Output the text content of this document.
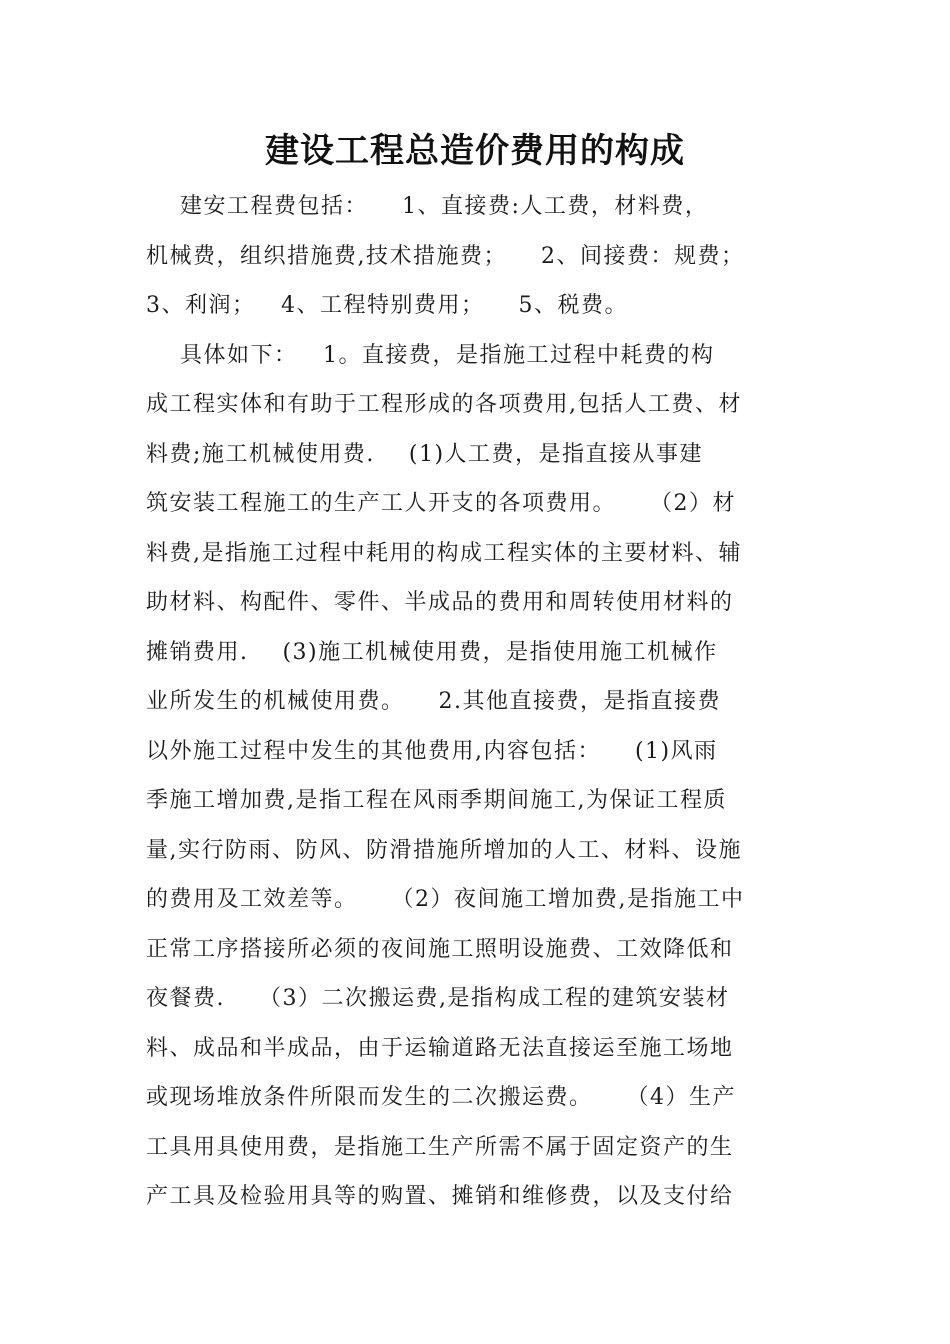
建设工程总造价费用的构成
建安工程费包括：    1、直接费:人工费，材料费，
机械费，组织措施费,技术措施费；    2、间接费：规费；
3、利润；   4、工程特别费用；    5、税费。
具体如下：   1。直接费，是指施工过程中耗费的构
成工程实体和有助于工程形成的各项费用,包括人工费、材
料费;施工机械使用费.    (1)人工费，是指直接从事建
筑安装工程施工的生产工人开支的各项费用。    （2）材
料费,是指施工过程中耗用的构成工程实体的主要材料、辅
助材料、构配件、零件、半成品的费用和周转使用材料的
摊销费用.    (3)施工机械使用费，是指使用施工机械作
业所发生的机械使用费。    2.其他直接费，是指直接费
以外施工过程中发生的其他费用,内容包括：    (1)风雨
季施工增加费,是指工程在风雨季期间施工,为保证工程质
量,实行防雨、防风、防滑措施所增加的人工、材料、设施
的费用及工效差等。    （2）夜间施工增加费,是指施工中
正常工序搭接所必须的夜间施工照明设施费、工效降低和
夜餐费.    （3）二次搬运费,是指构成工程的建筑安装材
料、成品和半成品，由于运输道路无法直接运至施工场地
或现场堆放条件所限而发生的二次搬运费。    （4）生产
工具用具使用费，是指施工生产所需不属于固定资产的生
产工具及检验用具等的购置、摊销和维修费，以及支付给
